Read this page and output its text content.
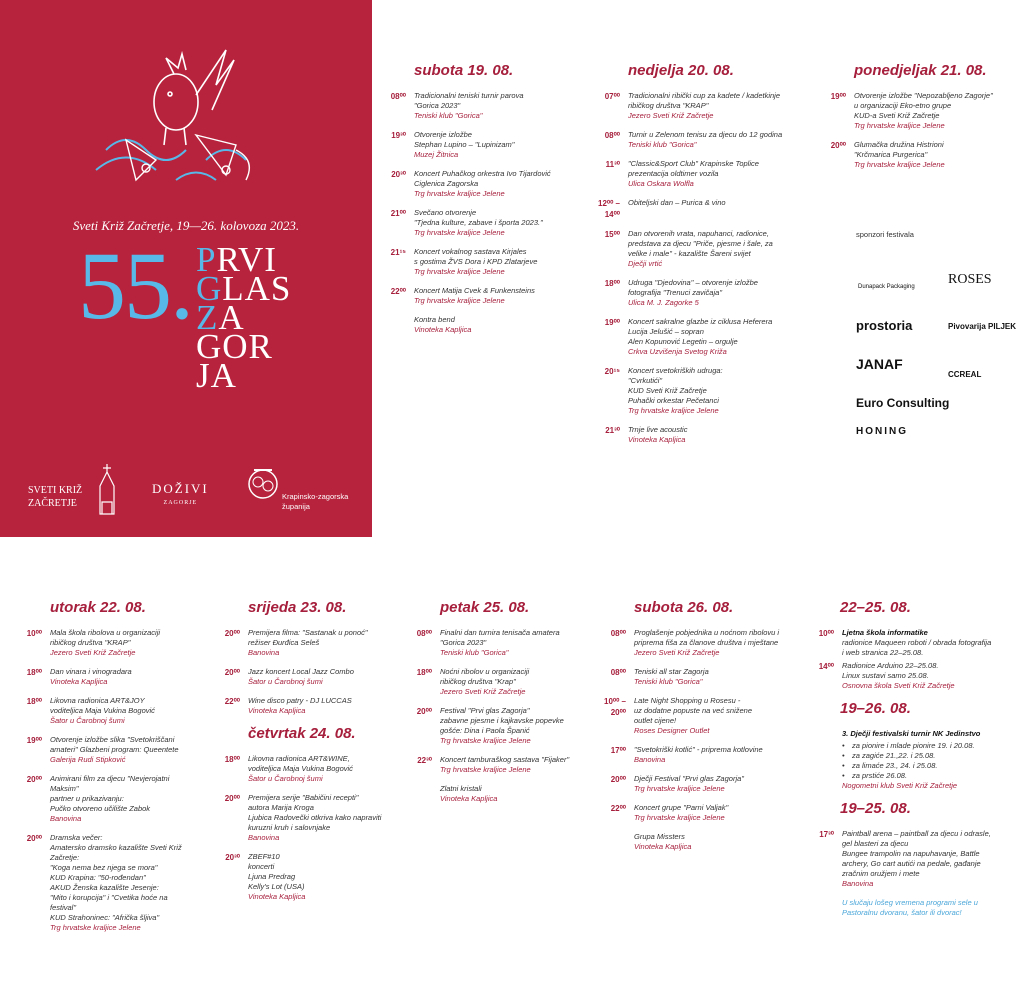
Sveti Križ Začretje, 19—26. kolovoza 2023.
55. PRVI
GLAS
ZA
GOR
JA
SVETI KRIŽ
ZAČRETJE
DOŽIVI
ZAGORJE
Krapinsko-zagorska
županija
subota 19. 08.
08⁰⁰	Tradicionalni teniski turnir parova
"Gorica 2023"
Teniski klub "Gorica"
19³⁰	Otvorenje izložbe
Stephan Lupino – "Lupinizam"
Muzej Žitnica
20³⁰	Koncert Puhačkog orkestra Ivo Tijardović
Ciglenica Zagorska
Trg hrvatske kraljice Jelene
21⁰⁰	Svečano otvorenje
"Tjedna kulture, zabave i športa 2023."
Trg hrvatske kraljice Jelene
21¹⁵	Koncert vokalnog sastava Kirjales
s gostima ŽVS Dora i KPD Zlatarjeve
Trg hrvatske kraljice Jelene
22⁰⁰	Koncert Matija Cvek & Funkensteins
Trg hrvatske kraljice Jelene
Kontra bend
Vinoteka Kapljica
nedjelja 20. 08.
07⁰⁰	Tradicionalni ribički cup za kadete / kadetkinje
ribičkog društva "KRAP"
Jezero Sveti Križ Začretje
08⁰⁰	Turnir u Zelenom tenisu za djecu do 12 godina
Teniski klub "Gorica"
11³⁰	"Classic&Sport Club" Krapinske Toplice
prezentacija oldtimer vozila
Ulica Oskara Wolfla
12⁰⁰ – 14⁰⁰
Obiteljski dan – Purica & vino
15⁰⁰	Dan otvorenih vrata, napuhanci, radionice,
predstava za djecu "Priče, pjesme i šale, za
velike i male" - kazalište Šareni svijet
Dječji vrtić
18⁰⁰	Udruga "Djedovina" – otvorenje izložbe
fotografija "Trenuci zavičaja"
Ulica M. J. Zagorke 5
19⁰⁰	Koncert sakralne glazbe iz ciklusa Heferera
Lucija Jelušić – sopran
Alen Kopunović Legetin – orgulje
Crkva Uzvišenja Svetog Križa
20¹⁵	Koncert svetokriških udruga:
"Cvrkutići"
KUD Sveti Križ Začretje
Puhački orkestar Pečetanci
Trg hrvatske kraljice Jelene
21³⁰	Trnje live acoustic
Vinoteka Kapljica
ponedjeljak 21. 08.
19⁰⁰	Otvorenje izložbe "Nepozabljeno Zagorje"
u organizaciji Eko-etno grupe
KUD-a Sveti Križ Začretje
Trg hrvatske kraljice Jelene
20⁰⁰	Glumačka družina Histrioni
"Krčmarica Purgerica"
Trg hrvatske kraljice Jelene
utorak 22. 08.
10⁰⁰	Mala škola ribolova u organizaciji
ribičkog društva "KRAP"
Jezero Sveti Križ Začretje
18⁰⁰	Dan vinara i vinogradara
Vinoteka Kapljica
18⁰⁰	Likovna radionica ART&JOY
voditeljica Maja Vukina Bogović
Šator u Čarobnoj šumi
19⁰⁰	Otvorenje izložbe slika "Svetokriščani
amateri" Glazbeni program: Queentete
Galerija Rudi Stipković
20⁰⁰	Animirani film za djecu "Nevjerojatni
Maksim"
partner u prikazivanju:
Pučko otvoreno učilište Zabok
Banovina
20⁰⁰	Dramska večer:
Amatersko dramsko kazalište Sveti Križ
Začretje:
"Koga nema bez njega se mora"
KUD Krapina: "50-rođendan"
AKUD Ženska kazalište Jesenje:
"Mito i korupcija" i "Cvetika hoće na
festival"
KUD Strahoninec: "Afrička šljiva"
Trg hrvatske kraljice Jelene
srijeda 23. 08.
20⁰⁰	Premijera filma: "Sastanak u ponoć"
režiser Đurđica Seleš
Banovina
20⁰⁰	Jazz koncert Local Jazz Combo
Šator u Čarobnoj šumi
22⁰⁰	Wine disco patry - DJ LUCCAS
Vinoteka Kapljica
četvrtak 24. 08.
18⁰⁰	Likovna radionica ART&WINE,
voditeljica Maja Vukina Bogović
Šator u Čarobnoj šumi
20⁰⁰	Premijera serije "Babičini recepti"
autora Marija Kroga
Ljubica Radovečki otkriva kako napraviti
kuruzni kruh i salovnjake
Banovina
20³⁰	ZBEF#10
koncerti
Ljuna Predrag
Kelly's Lot (USA)
Vinoteka Kapljica
petak 25. 08.
08⁰⁰	Finalni dan turnira tenisača amatera
"Gorica 2023"
Teniski klub "Gorica"
18⁰⁰	Noćni ribolov u organizaciji
ribičkog društva "Krap"
Jezero Sveti Križ Začretje
20⁰⁰	Festival "Prvi glas Zagorja"
zabavne pjesme i kajkavske popevke
gošće: Dina i Paola Španić
Trg hrvatske kraljice Jelene
22³⁰	Koncert tamburaškog sastava "Fijaker"
Trg hrvatske kraljice Jelene
Zlatni kristali
Vinoteka Kapljica
subota 26. 08.
08⁰⁰	Proglašenje pobjednika u noćnom ribolovu i
priprema fiša za članove društva i mještane
Jezero Sveti Križ Začretje
08⁰⁰	Teniski all star Zagorja
Teniski klub "Gorica"
10⁰⁰ – 20⁰⁰
Late Night Shopping u Rosesu -
uz dodatne popuste na već snižene
outlet cijene!
Roses Designer Outlet
17⁰⁰	"Svetokriški kotlić" - priprema kotlovine
Banovina
20⁰⁰	Dječji Festival "Prvi glas Zagorja"
Trg hrvatske kraljice Jelene
22⁰⁰	Koncert grupe "Parni Valjak"
Trg hrvatske kraljice Jelene
Grupa Missters
Vinoteka Kapljica
22–25. 08.
10⁰⁰	Ljetna škola informatike
radionice Maqueen roboti / obrada fotografija
i web stranica 22–25.08.
14⁰⁰	Radionice Arduino 22–25.08.
Linux sustavi samo 25.08.
Osnovna škola Sveti Križ Začretje
19–26. 08.
3. Dječji festivalski turnir NK Jedinstvo
• za pionire i mlade pionire 19. i 20.08.
• za zagiće 21.,22. i 25.08.
• za limaće 23., 24. i 25.08.
• za prstiće 26.08.
Nogometni klub Sveti Križ Začretje
19–25. 08.
17³⁰	Paintball arena – paintball za djecu i odrasle,
gel blasteri za djecu
Bungee trampolin na napuhavanje, Battle
archery, Go cart autići na pedale, gađanje
zračnim oružjem i mete
Banovina
U slučaju lošeg vremena programi sele u
Pastoralnu dvoranu, šator ili dvorac!
sponzori festivala
Dunapack Packaging ROSES
prostoria	Pivovarija PILJEK
JANAF
CCREAL
Euro Consulting
HONING
